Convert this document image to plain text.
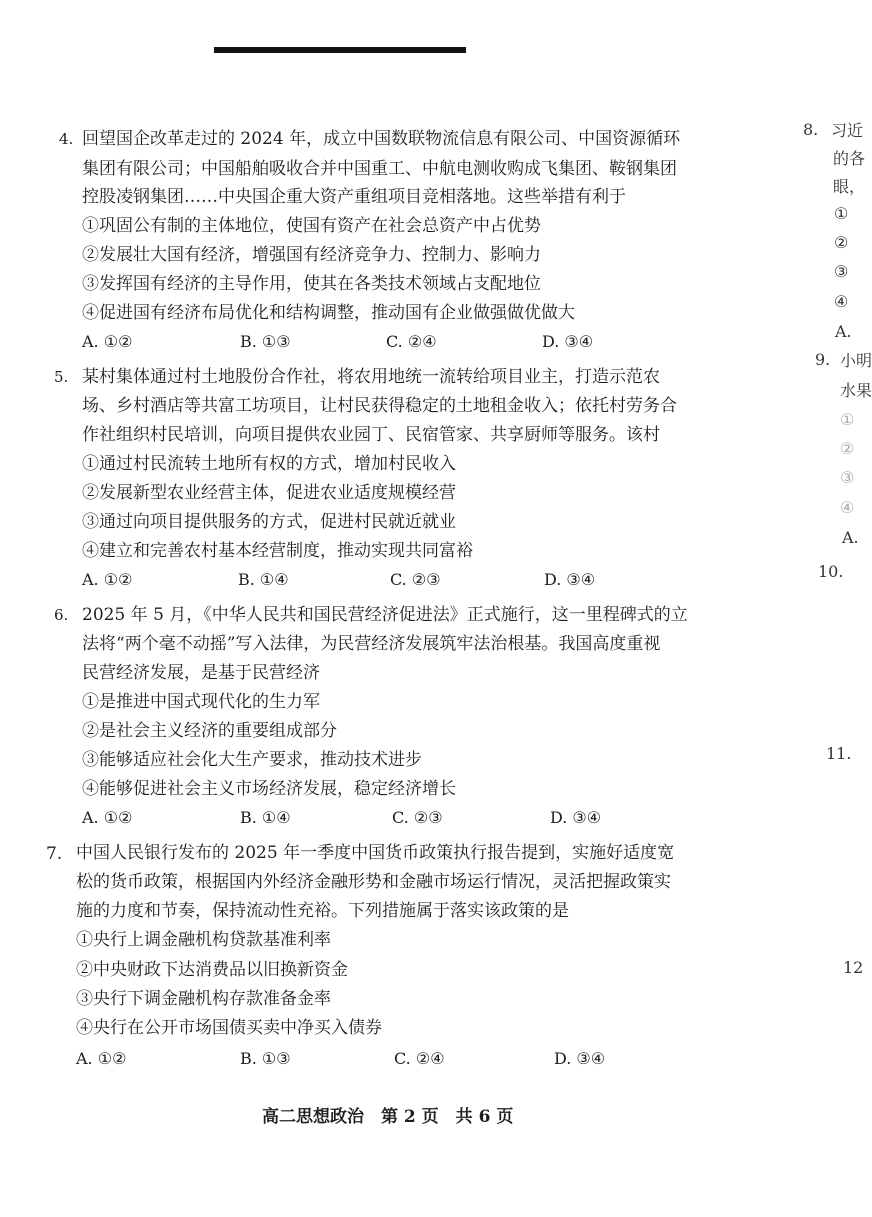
4. 回望国企改革走过的 2024 年，成立中国数联物流信息有限公司、中国资源循环
集团有限公司；中国船舶吸收合并中国重工、中航电测收购成飞集团、鞍钢集团
控股凌钢集团……中央国企重大资产重组项目竞相落地。这些举措有利于
①巩固公有制的主体地位，使国有资产在社会总资产中占优势
②发展壮大国有经济，增强国有经济竞争力、控制力、影响力
③发挥国有经济的主导作用，使其在各类技术领域占支配地位
④促进国有经济布局优化和结构调整，推动国有企业做强做优做大
A. ①②	B. ①③	C. ②④	D. ③④
5. 某村集体通过村土地股份合作社，将农用地统一流转给项目业主，打造示范农
场、乡村酒店等共富工坊项目，让村民获得稳定的土地租金收入；依托村劳务合
作社组织村民培训，向项目提供农业园丁、民宿管家、共享厨师等服务。该村
①通过村民流转土地所有权的方式，增加村民收入
②发展新型农业经营主体，促进农业适度规模经营
③通过向项目提供服务的方式，促进村民就近就业
④建立和完善农村基本经营制度，推动实现共同富裕
A. ①②	B. ①④	C. ②③	D. ③④
6. 2025 年 5 月，《中华人民共和国民营经济促进法》正式施行，这一里程碑式的立
法将“两个毫不动摇”写入法律，为民营经济发展筑牢法治根基。我国高度重视
民营经济发展，是基于民营经济
①是推进中国式现代化的生力军
②是社会主义经济的重要组成部分
③能够适应社会化大生产要求，推动技术进步
④能够促进社会主义市场经济发展，稳定经济增长
A. ①②	B. ①④	C. ②③	D. ③④
7. 中国人民银行发布的 2025 年一季度中国货币政策执行报告提到，实施好适度宽
松的货币政策，根据国内外经济金融形势和金融市场运行情况，灵活把握政策实
施的力度和节奏，保持流动性充裕。下列措施属于落实该政策的是
①央行上调金融机构贷款基准利率
②中央财政下达消费品以旧换新资金
③央行下调金融机构存款准备金率
④央行在公开市场国债买卖中净买入债券
A. ①②	B. ①③	C. ②④	D. ③④
高二思想政治　第 2 页　共 6 页
8. 习近
的各
眼，
①
②
③
④
A.
9. 小明
水果
①
②
③
④
A.
10.
11.
12
